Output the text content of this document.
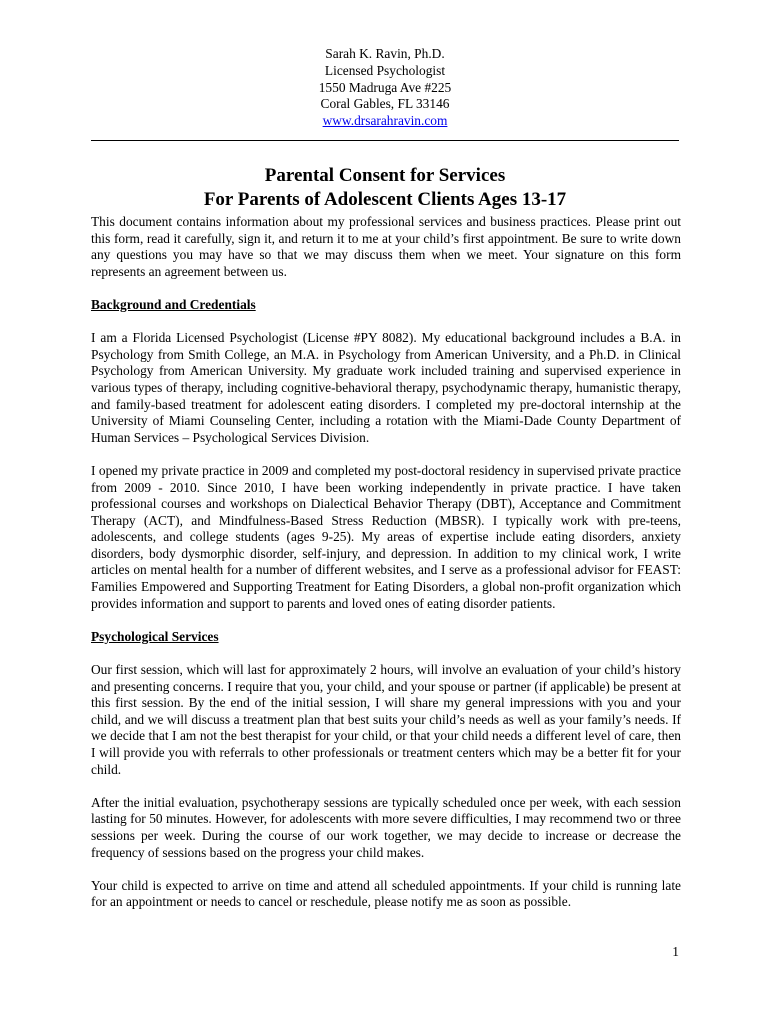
Sarah K. Ravin, Ph.D.
Licensed Psychologist
1550 Madruga Ave #225
Coral Gables, FL 33146
www.drsarahravin.com
Parental Consent for Services
For Parents of Adolescent Clients Ages 13-17

This document contains information about my professional services and business practices. Please print out this form, read it carefully, sign it, and return it to me at your child’s first appointment. Be sure to write down any questions you may have so that we may discuss them when we meet. Your signature on this form represents an agreement between us.

Background and Credentials

I am a Florida Licensed Psychologist (License #PY 8082). My educational background includes a B.A. in Psychology from Smith College, an M.A. in Psychology from American University, and a Ph.D. in Clinical Psychology from American University. My graduate work included training and supervised experience in various types of therapy, including cognitive-behavioral therapy, psychodynamic therapy, humanistic therapy, and family-based treatment for adolescent eating disorders. I completed my pre-doctoral internship at the University of Miami Counseling Center, including a rotation with the Miami-Dade County Department of Human Services – Psychological Services Division.

I opened my private practice in 2009 and completed my post-doctoral residency in supervised private practice from 2009 - 2010. Since 2010, I have been working independently in private practice. I have taken professional courses and workshops on Dialectical Behavior Therapy (DBT), Acceptance and Commitment Therapy (ACT), and Mindfulness-Based Stress Reduction (MBSR). I typically work with pre-teens, adolescents, and college students (ages 9-25). My areas of expertise include eating disorders, anxiety disorders, body dysmorphic disorder, self-injury, and depression. In addition to my clinical work, I write articles on mental health for a number of different websites, and I serve as a professional advisor for FEAST: Families Empowered and Supporting Treatment for Eating Disorders, a global non-profit organization which provides information and support to parents and loved ones of eating disorder patients.

Psychological Services

Our first session, which will last for approximately 2 hours, will involve an evaluation of your child’s history and presenting concerns. I require that you, your child, and your spouse or partner (if applicable) be present at this first session. By the end of the initial session, I will share my general impressions with you and your child, and we will discuss a treatment plan that best suits your child’s needs as well as your family’s needs. If we decide that I am not the best therapist for your child, or that your child needs a different level of care, then I will provide you with referrals to other professionals or treatment centers which may be a better fit for your child.

After the initial evaluation, psychotherapy sessions are typically scheduled once per week, with each session lasting for 50 minutes. However, for adolescents with more severe difficulties, I may recommend two or three sessions per week. During the course of our work together, we may decide to increase or decrease the frequency of sessions based on the progress your child makes.

Your child is expected to arrive on time and attend all scheduled appointments. If your child is running late for an appointment or needs to cancel or reschedule, please notify me as soon as possible.

1
